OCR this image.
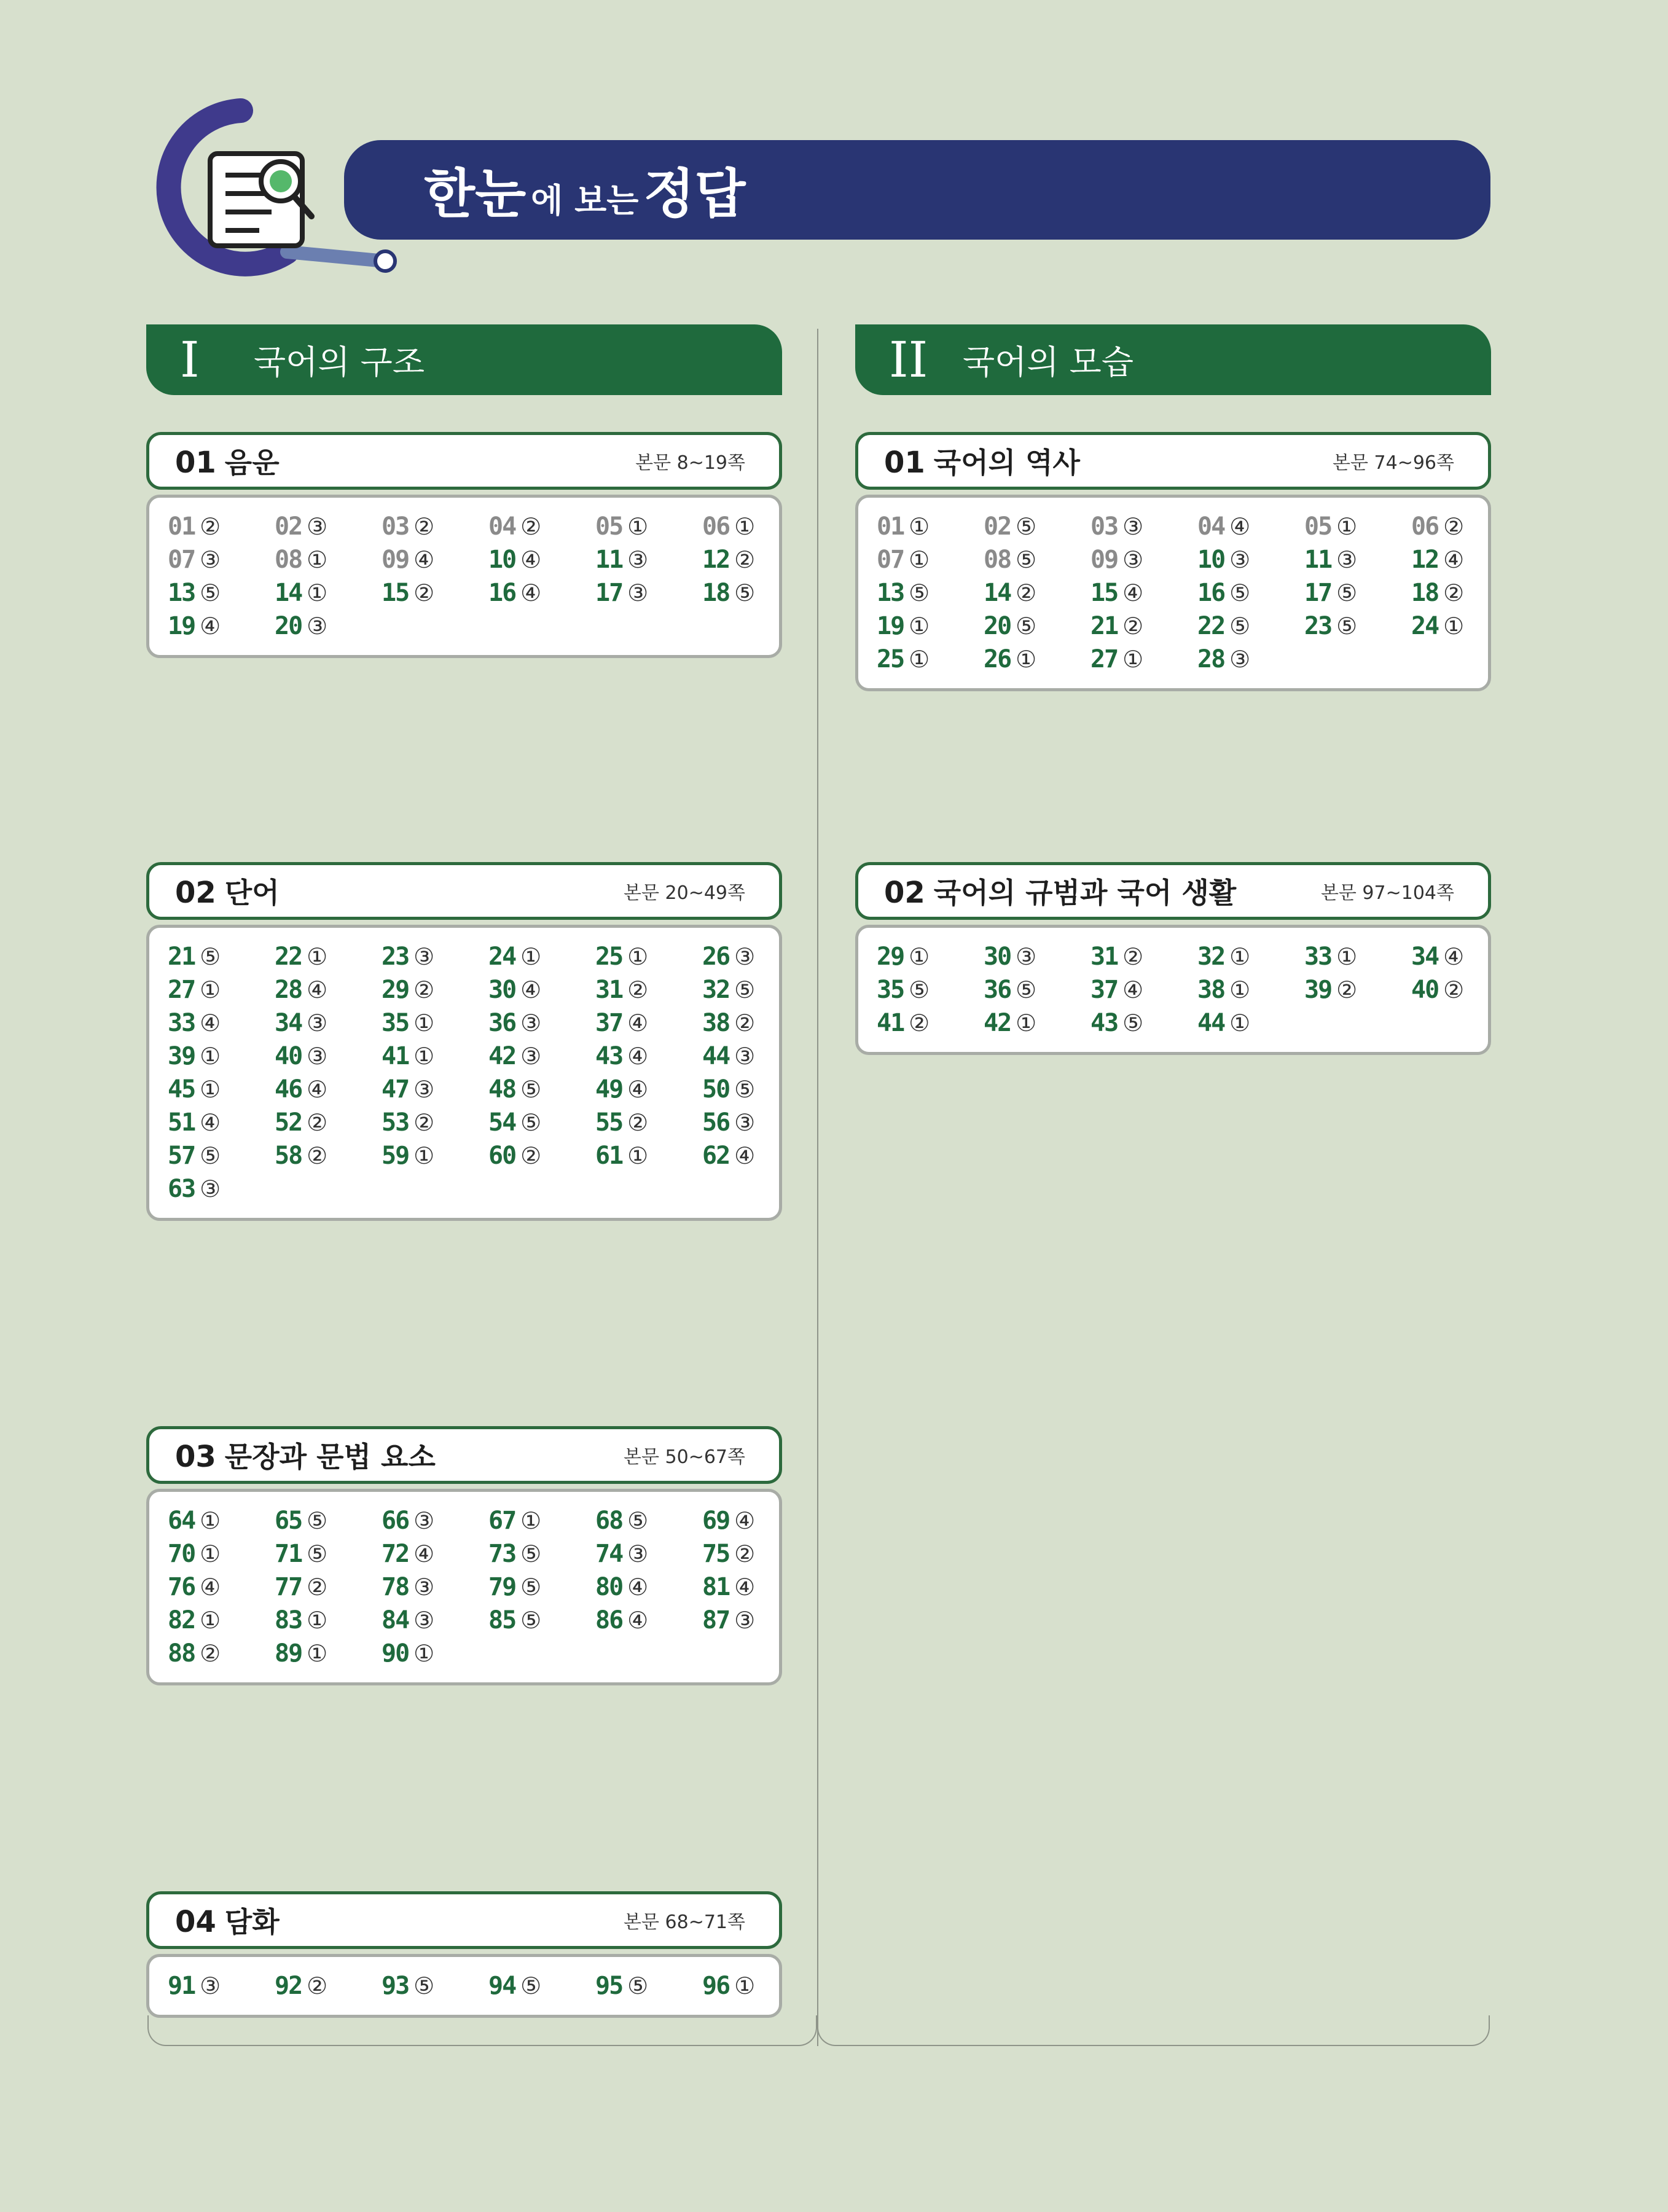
한눈 에 보는 정답
I	국어의 구조
01 음운	본문 8~19쪽
01 ②	02 ③	03 ②	04 ②	05 ①	06 ①
07 ③	08 ①	09 ④	10 ④	11 ③	12 ②
13 ⑤	14 ①	15 ②	16 ④	17 ③	18 ⑤
19 ④	20 ③
02 단어	본문 20~49쪽
21 ⑤	22 ①	23 ③	24 ①	25 ①	26 ③
27 ①	28 ④	29 ②	30 ④	31 ②	32 ⑤
33 ④	34 ③	35 ①	36 ③	37 ④	38 ②
39 ①	40 ③	41 ①	42 ③	43 ④	44 ③
45 ①	46 ④	47 ③	48 ⑤	49 ④	50 ⑤
51 ④	52 ②	53 ②	54 ⑤	55 ②	56 ③
57 ⑤	58 ②	59 ①	60 ②	61 ①	62 ④
63 ③
03 문장과 문법 요소	본문 50~67쪽
64 ①	65 ⑤	66 ③	67 ①	68 ⑤	69 ④
70 ①	71 ⑤	72 ④	73 ⑤	74 ③	75 ②
76 ④	77 ②	78 ③	79 ⑤	80 ④	81 ④
82 ①	83 ①	84 ③	85 ⑤	86 ④	87 ③
88 ②	89 ①	90 ①
04 담화	본문 68~71쪽
91 ③	92 ②	93 ⑤	94 ⑤	95 ⑤	96 ①
II	국어의 모습
01 국어의 역사	본문 74~96쪽
01 ①	02 ⑤	03 ③	04 ④	05 ①	06 ②
07 ①	08 ⑤	09 ③	10 ③	11 ③	12 ④
13 ⑤	14 ②	15 ④	16 ⑤	17 ⑤	18 ②
19 ①	20 ⑤	21 ②	22 ⑤	23 ⑤	24 ①
25 ①	26 ①	27 ①	28 ③
02 국어의 규범과 국어 생활	본문 97~104쪽
29 ①	30 ③	31 ②	32 ①	33 ①	34 ④
35 ⑤	36 ⑤	37 ④	38 ①	39 ②	40 ②
41 ②	42 ①	43 ⑤	44 ①
